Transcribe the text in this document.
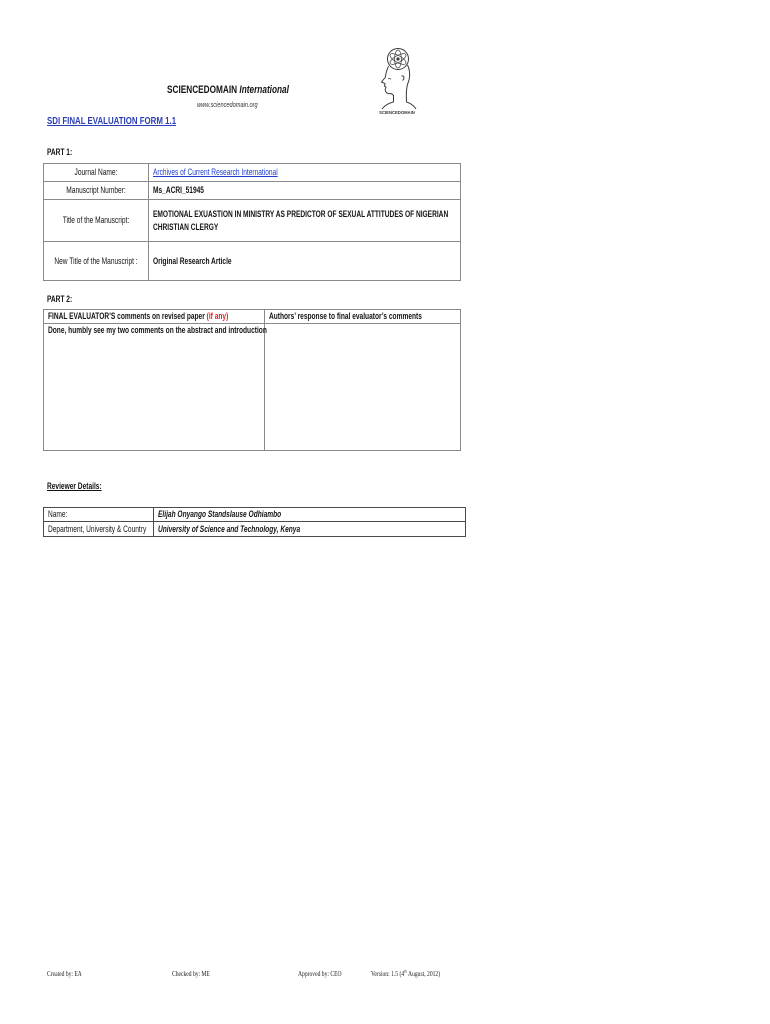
SCIENCEDOMAIN International
www.sciencedomain.org
SCIENCEDOMAIN
SDI FINAL EVALUATION FORM 1.1
PART 1:
Journal Name:	Archives of Current Research International

Manuscript Number:	Ms_ACRI_51945

Title of the Manuscript:	EMOTIONAL EXUASTION IN MINISTRY AS PREDICTOR OF SEXUAL ATTITUDES OF NIGERIAN CHRISTIAN CLERGY

New Title of the Manuscript :	Original Research Article
PART 2:
FINAL EVALUATOR’S comments on revised paper (if any)	Authors’ response to final evaluator’s comments

Done, humbly see my two comments on the abstract and introduction	

Reviewer Details:
Name:	Elijah Onyango Standslause Odhiambo

Department, University & Country	University of Science and Technology, Kenya
Created by: EA	Checked by: ME	Approved by: CEO	Version: 1.5 (4th August, 2012)
